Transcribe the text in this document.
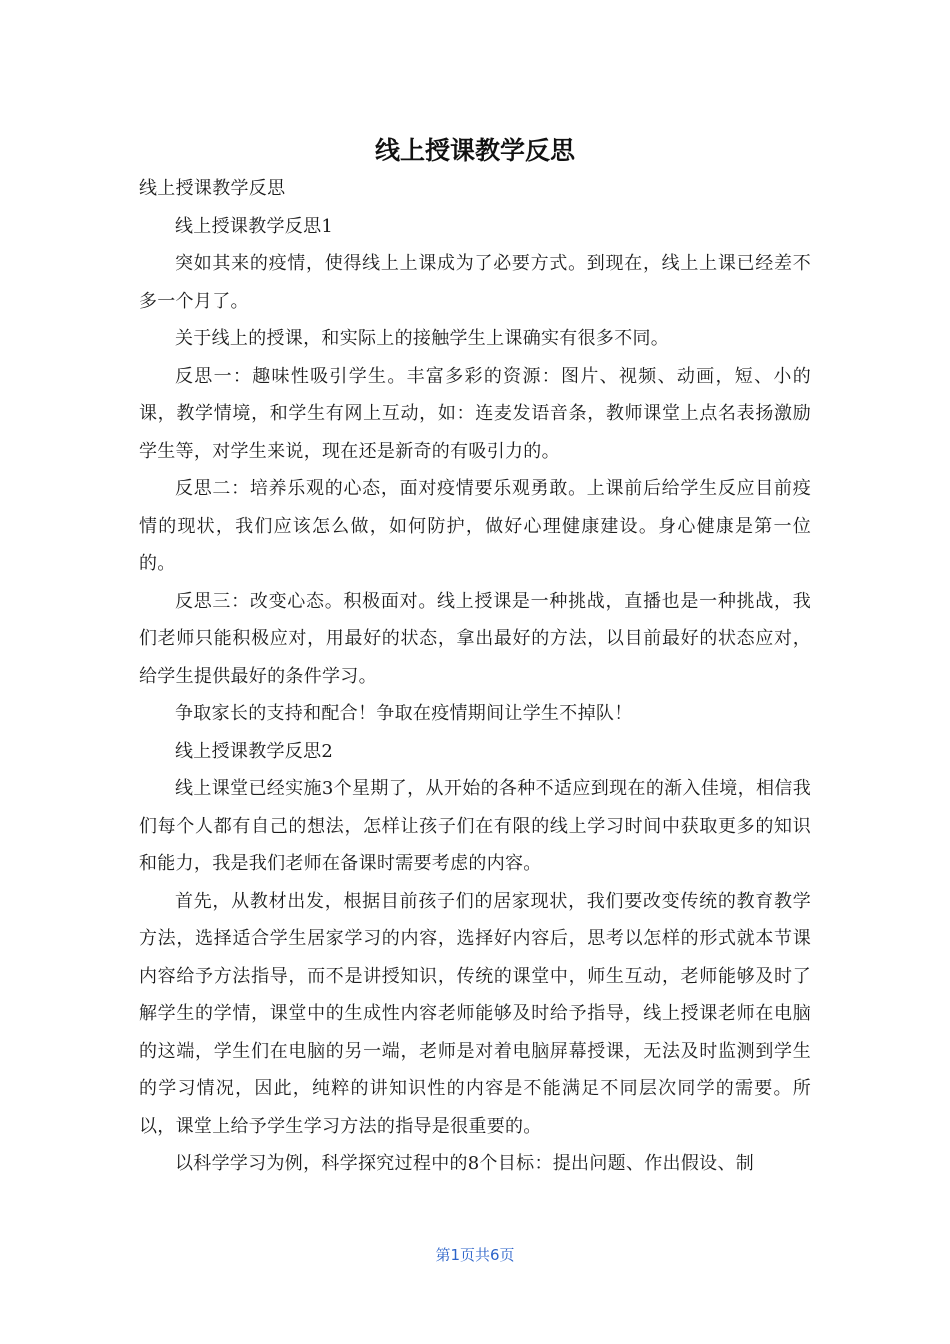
线上授课教学反思

线上授课教学反思

线上授课教学反思1

突如其来的疫情，使得线上上课成为了必要方式。到现在，线上上课已经差不多一个月了。

关于线上的授课，和实际上的接触学生上课确实有很多不同。

反思一：趣味性吸引学生。丰富多彩的资源：图片、视频、动画，短、小的课，教学情境，和学生有网上互动，如：连麦发语音条，教师课堂上点名表扬激励学生等，对学生来说，现在还是新奇的有吸引力的。

反思二：培养乐观的心态，面对疫情要乐观勇敢。上课前后给学生反应目前疫情的现状，我们应该怎么做，如何防护，做好心理健康建设。身心健康是第一位的。

反思三：改变心态。积极面对。线上授课是一种挑战，直播也是一种挑战，我们老师只能积极应对，用最好的状态，拿出最好的方法，以目前最好的状态应对，给学生提供最好的条件学习。

争取家长的支持和配合！争取在疫情期间让学生不掉队！

线上授课教学反思2

线上课堂已经实施3个星期了，从开始的各种不适应到现在的渐入佳境，相信我们每个人都有自己的想法，怎样让孩子们在有限的线上学习时间中获取更多的知识和能力，我是我们老师在备课时需要考虑的内容。

首先，从教材出发，根据目前孩子们的居家现状，我们要改变传统的教育教学方法，选择适合学生居家学习的内容，选择好内容后，思考以怎样的形式就本节课内容给予方法指导，而不是讲授知识，传统的课堂中，师生互动，老师能够及时了解学生的学情，课堂中的生成性内容老师能够及时给予指导，线上授课老师在电脑的这端，学生们在电脑的另一端，老师是对着电脑屏幕授课，无法及时监测到学生的学习情况，因此，纯粹的讲知识性的内容是不能满足不同层次同学的需要。所以，课堂上给予学生学习方法的指导是很重要的。

以科学学习为例，科学探究过程中的8个目标：提出问题、作出假设、制

第1页共6页
